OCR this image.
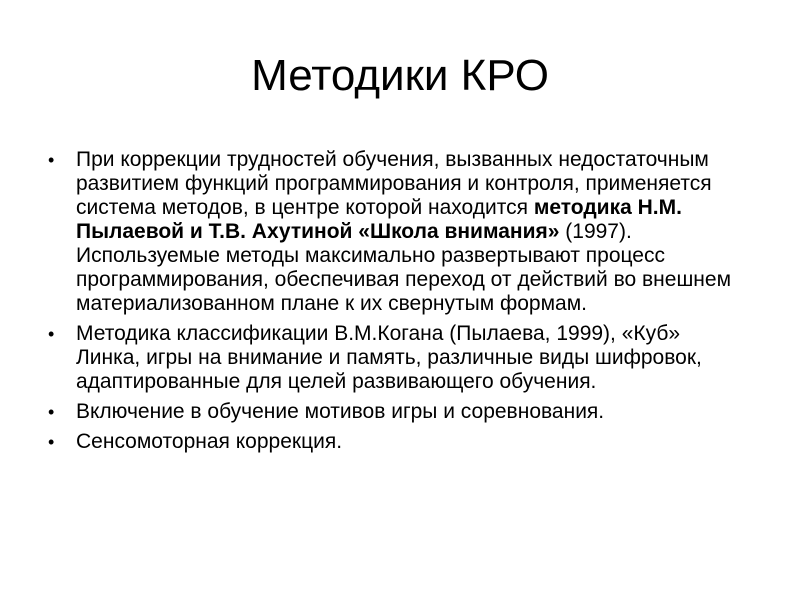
Методики КРО
•	При коррекции трудностей обучения, вызванных недостаточным развитием функций программирования и контроля, применяется система методов, в центре которой находится методика Н.М. Пылаевой и Т.В. Ахутиной «Школа внимания» (1997). Используемые методы максимально развертывают процесс программирования, обеспечивая переход от действий во внешнем материализованном плане к их свернутым формам.
•	Методика классификации В.М.Когана (Пылаева, 1999), «Куб» Линка, игры на внимание и память, различные виды шифровок, адаптированные для целей развивающего обучения.
•	Включение в обучение мотивов игры и соревнования.
•	Сенсомоторная коррекция.
